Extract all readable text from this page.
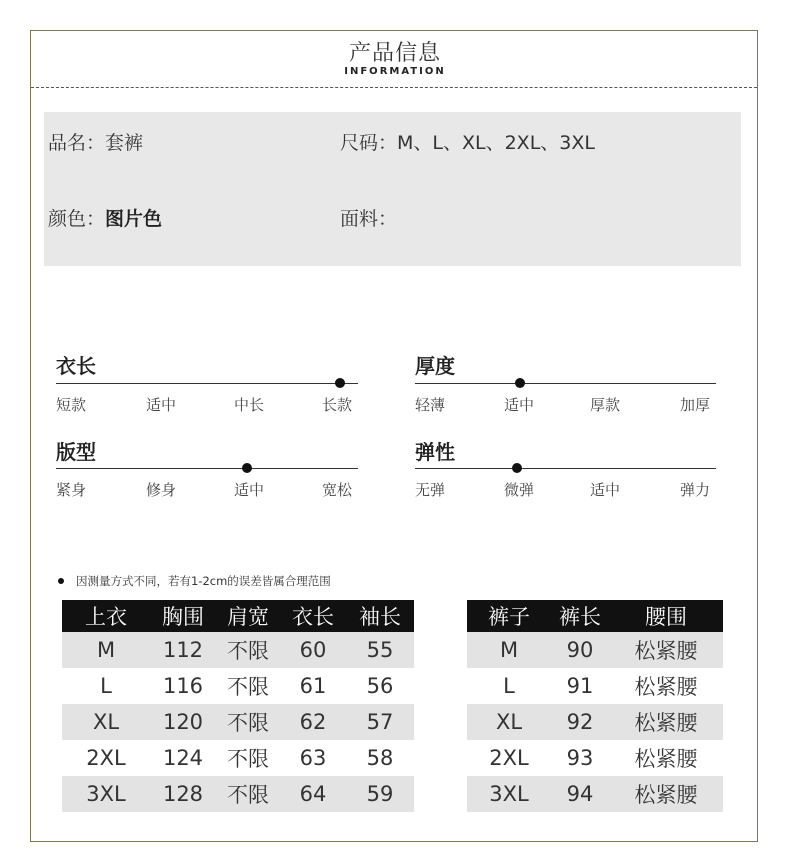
产品信息
INFORMATION
品名：套裤	尺码：M、L、XL、2XL、3XL
颜色：图片色	面料：
衣长
短款	适中	中长	长款
厚度
轻薄	适中	厚款	加厚
版型
紧身	修身	适中	宽松
弹性
无弹	微弹	适中	弹力
因测量方式不同，若有1-2cm的误差皆属合理范围
上衣	胸围	肩宽	衣长	袖长
M	112	不限	60	55
L	116	不限	61	56
XL	120	不限	62	57
2XL	124	不限	63	58
3XL	128	不限	64	59
裤子	裤长	腰围
M	90	松紧腰
L	91	松紧腰
XL	92	松紧腰
2XL	93	松紧腰
3XL	94	松紧腰
